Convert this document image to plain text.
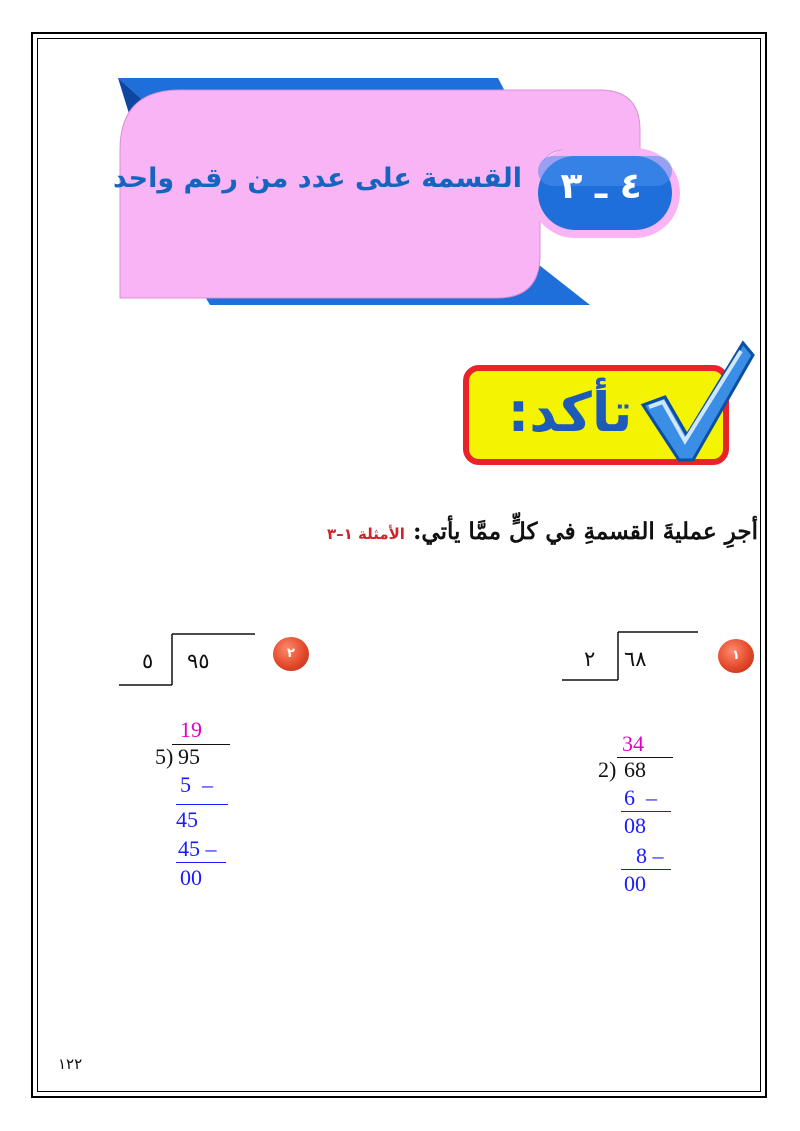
٤ ـ ٣
القسمة على عدد من رقم واحد
تأكد:
أجرِ عمليةَ القسمةِ في كلٍّ ممَّا يأتي: الأمثلة ١–٣
١
٦٨
٢
٢
٩٥
٥
34
2) 68
6  –
08
8 –
00
19
5) 95
5  –
45
45 –
00
١٢٢
